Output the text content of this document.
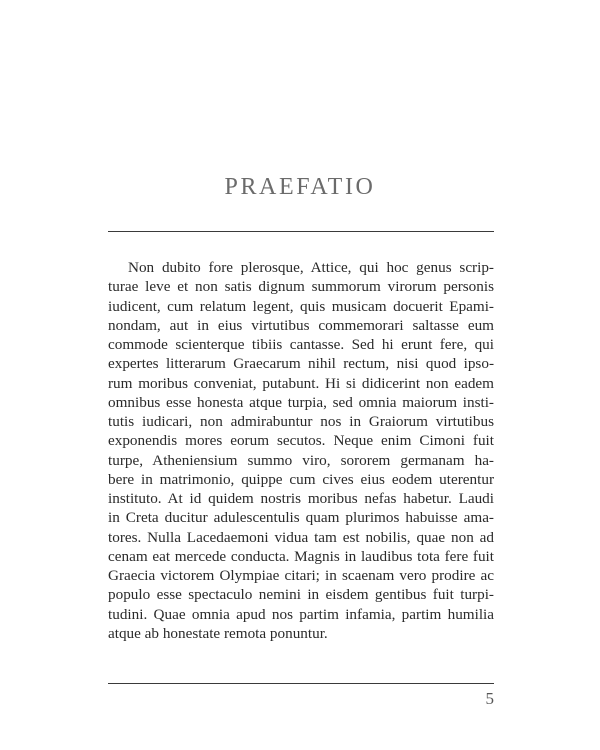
PRAEFATIO
Non dubito fore plerosque, Attice, qui hoc genus scrip-
turae leve et non satis dignum summorum virorum personis
iudicent, cum relatum legent, quis musicam docuerit Epami-
nondam, aut in eius virtutibus commemorari saltasse eum
commode scienterque tibiis cantasse. Sed hi erunt fere, qui
expertes litterarum Graecarum nihil rectum, nisi quod ipso-
rum moribus conveniat, putabunt. Hi si didicerint non eadem
omnibus esse honesta atque turpia, sed omnia maiorum insti-
tutis iudicari, non admirabuntur nos in Graiorum virtutibus
exponendis mores eorum secutos. Neque enim Cimoni fuit
turpe, Atheniensium summo viro, sororem germanam ha-
bere in matrimonio, quippe cum cives eius eodem uterentur
instituto. At id quidem nostris moribus nefas habetur. Laudi
in Creta ducitur adulescentulis quam plurimos habuisse ama-
tores. Nulla Lacedaemoni vidua tam est nobilis, quae non ad
cenam eat mercede conducta. Magnis in laudibus tota fere fuit
Graecia victorem Olympiae citari; in scaenam vero prodire ac
populo esse spectaculo nemini in eisdem gentibus fuit turpi-
tudini. Quae omnia apud nos partim infamia, partim humilia
atque ab honestate remota ponuntur.
5
